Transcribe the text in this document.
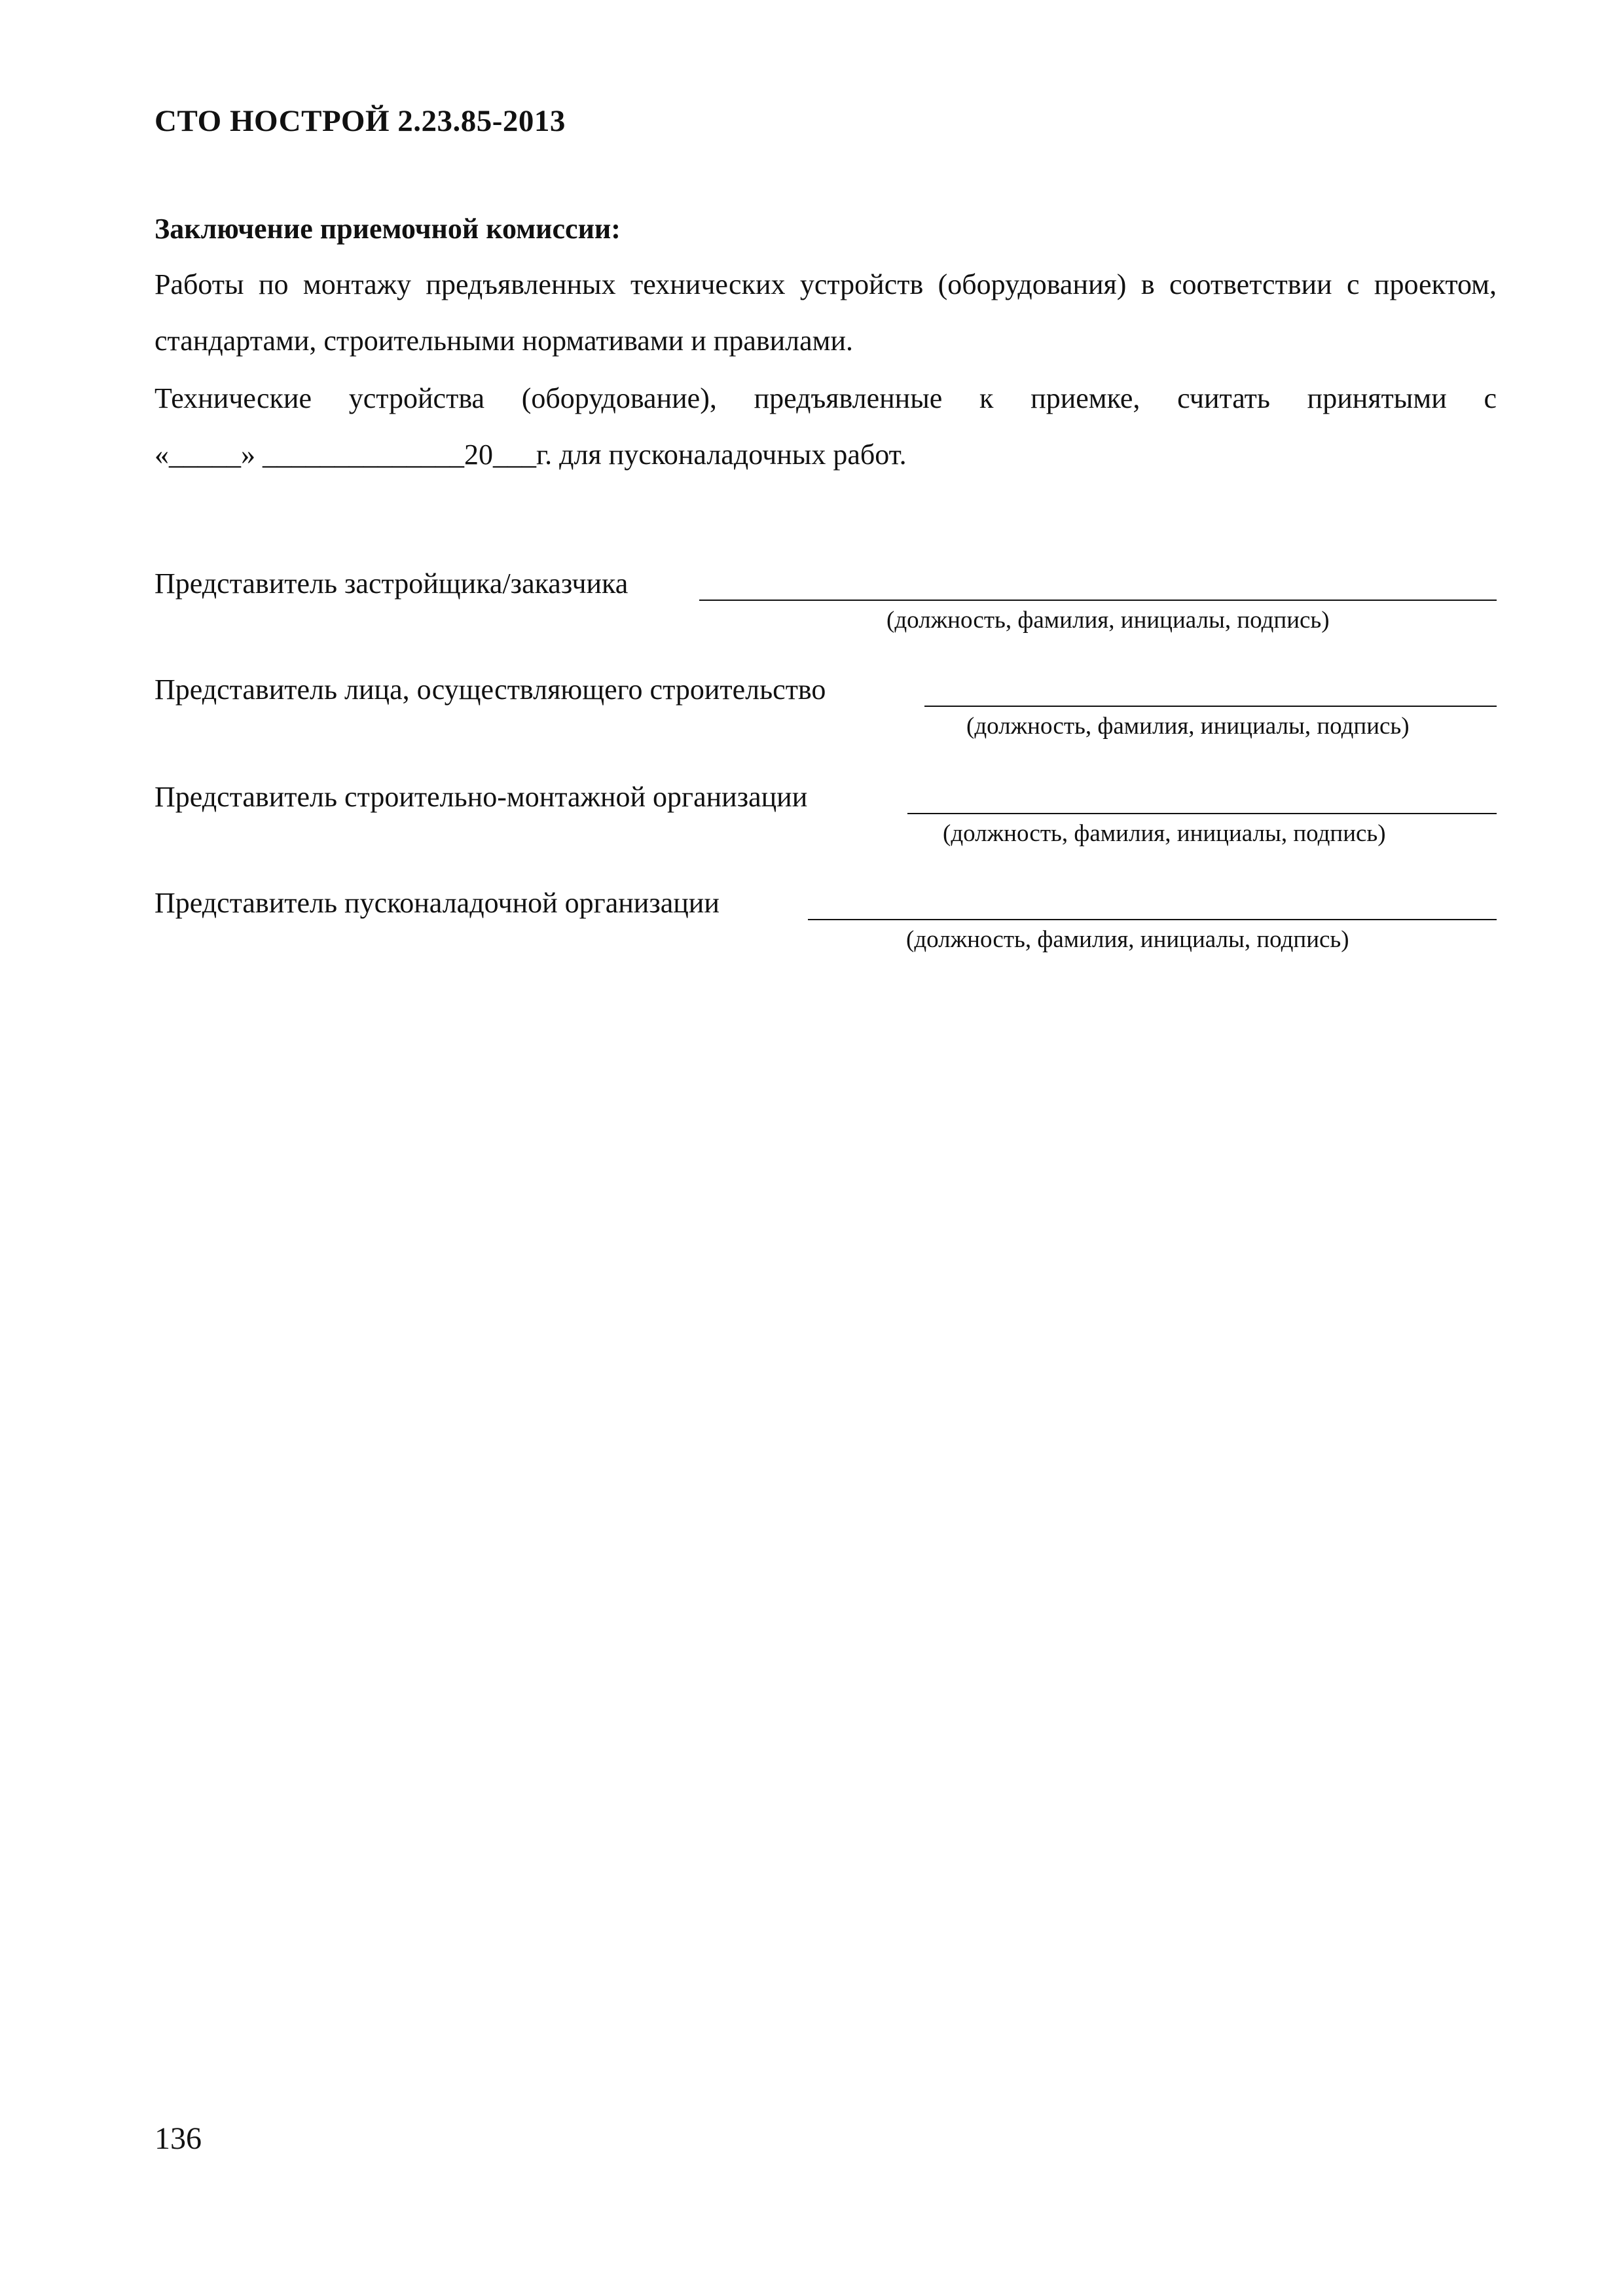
СТО НОСТРОЙ 2.23.85-2013
Заключение приемочной комиссии:
Работы по монтажу предъявленных технических устройств (оборудования) в соответствии с проектом, стандартами, строительными нормативами и правилами.
Технические устройства (оборудование), предъявленные к приемке, считать принятыми с
«_____» ______________20___г. для пусконаладочных работ.
Представитель застройщика/заказчика
(должность, фамилия, инициалы, подпись)
Представитель лица, осуществляющего строительство
(должность, фамилия, инициалы, подпись)
Представитель строительно-монтажной организации
(должность, фамилия, инициалы, подпись)
Представитель пусконаладочной организации
(должность, фамилия, инициалы, подпись)
136
